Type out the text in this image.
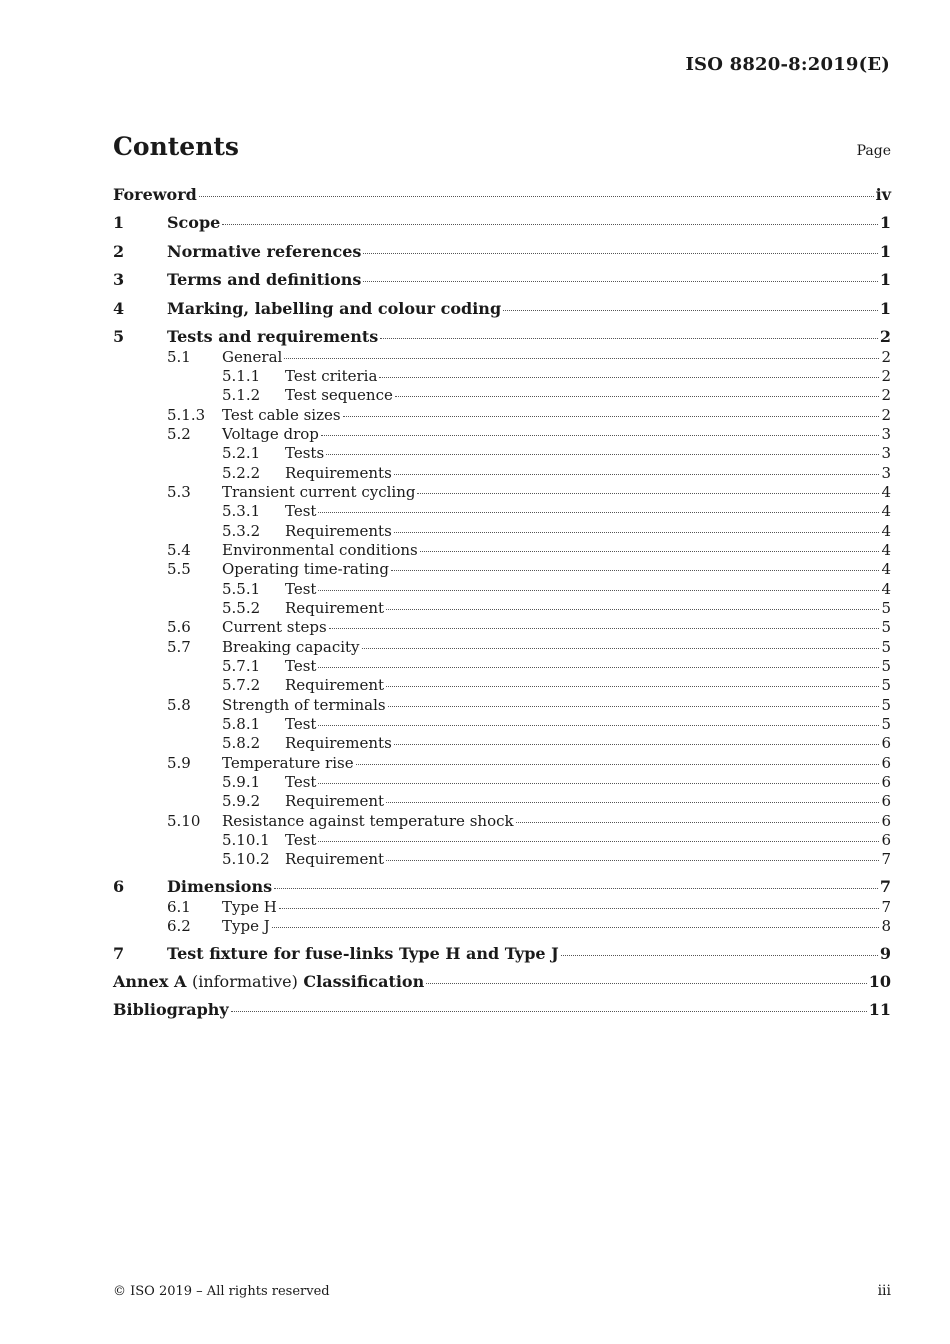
ISO 8820-8:2019(E)
Contents	Page
Foreword	iv
1	Scope	1
2	Normative references	1
3	Terms and definitions	1
4	Marking, labelling and colour coding	1
5	Tests and requirements	2
5.1	General	2
5.1.1	Test criteria	2
5.1.2	Test sequence	2
5.1.3	Test cable sizes	2
5.2	Voltage drop	3
5.2.1	Tests	3
5.2.2	Requirements	3
5.3	Transient current cycling	4
5.3.1	Test	4
5.3.2	Requirements	4
5.4	Environmental conditions	4
5.5	Operating time-rating	4
5.5.1	Test	4
5.5.2	Requirement	5
5.6	Current steps	5
5.7	Breaking capacity	5
5.7.1	Test	5
5.7.2	Requirement	5
5.8	Strength of terminals	5
5.8.1	Test	5
5.8.2	Requirements	6
5.9	Temperature rise	6
5.9.1	Test	6
5.9.2	Requirement	6
5.10	Resistance against temperature shock	6
5.10.1	Test	6
5.10.2	Requirement	7
6	Dimensions	7
6.1	Type H	7
6.2	Type J	8
7	Test fixture for fuse-links Type H and Type J	9
Annex A (informative) Classification	10
Bibliography	11
© ISO 2019 – All rights reserved	iii
